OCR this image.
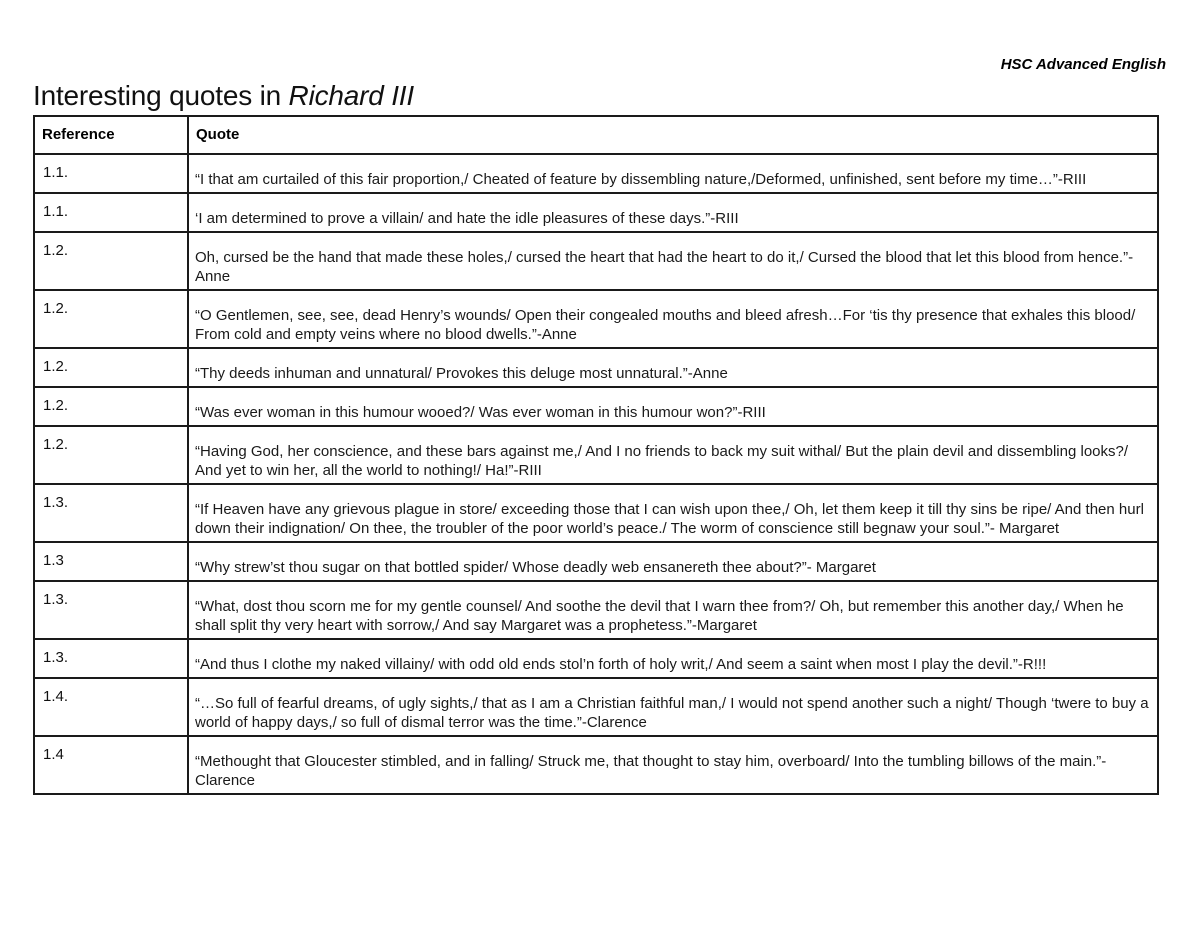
HSC Advanced English
Interesting quotes in Richard III
Reference	Quote
1.1.	“I that am curtailed of this fair proportion,/ Cheated of feature by dissembling nature,/Deformed, unfinished, sent before my time…”-RIII
1.1.	‘I am determined to prove a villain/ and hate the idle pleasures of these days.”-RIII
1.2.	Oh, cursed be the hand that made these holes,/ cursed the heart that had the heart to do it,/ Cursed the blood that let this blood from hence.”- Anne
1.2.	“O Gentlemen, see, see, dead Henry’s wounds/ Open their congealed mouths and bleed afresh…For ‘tis thy presence that exhales this blood/ From cold and empty veins where no blood dwells.”-Anne
1.2.	“Thy deeds inhuman and unnatural/ Provokes this deluge most unnatural.”-Anne
1.2.	“Was ever woman in this humour wooed?/ Was ever woman in this humour won?”-RIII
1.2.	“Having God, her conscience, and these bars against me,/ And I no friends to back my suit withal/ But the plain devil and dissembling looks?/ And yet to win her, all the world to nothing!/ Ha!”-RIII
1.3.	“If Heaven have any grievous plague in store/ exceeding those that I can wish upon thee,/ Oh, let them keep it till thy sins be ripe/ And then hurl down their indignation/ On thee, the troubler of the poor world’s peace./ The worm of conscience still begnaw your soul.”- Margaret
1.3	“Why strew’st thou sugar on that bottled spider/ Whose deadly web ensanereth thee about?”- Margaret
1.3.	“What, dost thou scorn me for my gentle counsel/ And soothe the devil that I warn thee from?/ Oh, but remember this another day,/ When he shall split thy very heart with sorrow,/ And say Margaret was a prophetess.”-Margaret
1.3.	“And thus I clothe my naked villainy/ with odd old ends stol’n forth of holy writ,/ And seem a saint when most I play the devil.”-R!!!
1.4.	“…So full of fearful dreams, of ugly sights,/ that as I am a Christian faithful man,/ I would not spend another such a night/ Though ‘twere to buy a world of happy days,/ so full of dismal terror was the time.”-Clarence
1.4	“Methought that Gloucester stimbled, and in falling/ Struck me, that thought to stay him, overboard/ Into the tumbling billows of the main.”-Clarence
